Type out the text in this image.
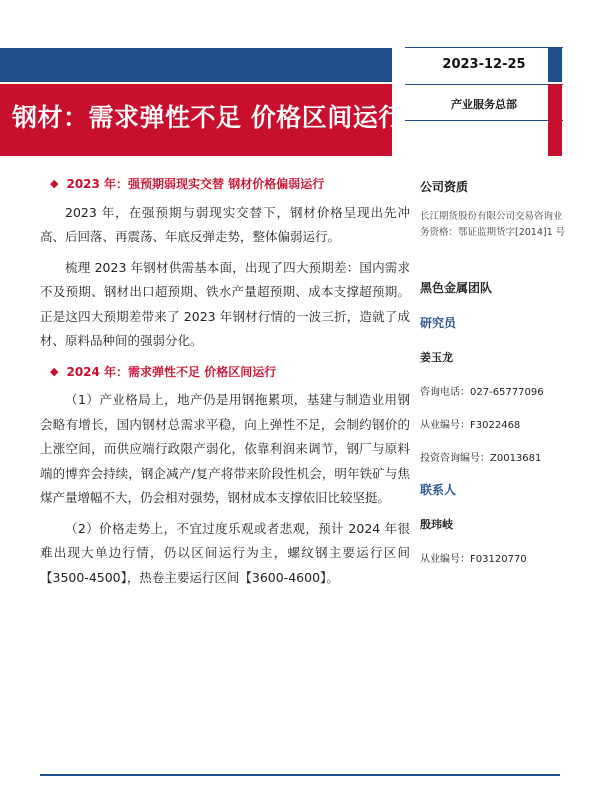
钢材：需求弹性不足 价格区间运行
2023-12-25
产业服务总部
◆ 2023 年：强预期弱现实交替 钢材价格偏弱运行

2023 年，在强预期与弱现实交替下，钢材价格呈现出先冲高、后回落、再震荡、年底反弹走势，整体偏弱运行。

梳理 2023 年钢材供需基本面，出现了四大预期差：国内需求不及预期、钢材出口超预期、铁水产量超预期、成本支撑超预期。正是这四大预期差带来了 2023 年钢材行情的一波三折，造就了成材、原料品种间的强弱分化。

◆ 2024 年：需求弹性不足 价格区间运行

（1）产业格局上，地产仍是用钢拖累项，基建与制造业用钢会略有增长，国内钢材总需求平稳，向上弹性不足，会制约钢价的上涨空间，而供应端行政限产弱化，依靠利润来调节，钢厂与原料端的博弈会持续，钢企减产/复产将带来阶段性机会，明年铁矿与焦煤产量增幅不大，仍会相对强势，钢材成本支撑依旧比较坚挺。

（2）价格走势上，不宜过度乐观或者悲观，预计 2024 年很难出现大单边行情，仍以区间运行为主，螺纹钢主要运行区间【3500-4500】，热卷主要运行区间【3600-4600】。

公司资质
长江期货股份有限公司交易咨询业务资格：鄂证监期货字[2014]1 号
黑色金属团队
研究员
姜玉龙
咨询电话：027-65777096
从业编号：F3022468
投资咨询编号：Z0013681
联系人
殷玮岐
从业编号：F03120770
